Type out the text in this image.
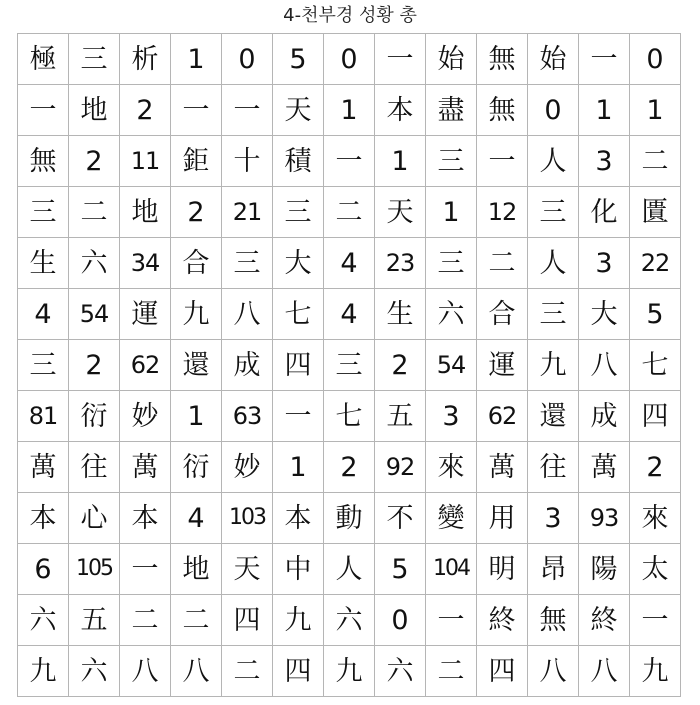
4-천부경 성황 총
極 三 析	1	0	5	0	一 始 無 始 一	0
一 地	2	一 一 天	1	本 盡 無	0	1	1
無	2	11 鉅 十 積 一	1	三 一 人	3	二
三 二 地	2	21 三 二 天	1	12 三 化 匱
生 六 34 合 三 大	4	23 三 二 人	3	22
4	54 運 九 八 七	4	生 六 合 三 大	5
三	2	62 還 成 四 三	2	54 運 九 八 七
81 衍 妙	1	63 一 七 五	3	62 還 成 四
萬 往 萬 衍 妙	1	2	92 來 萬 往 萬	2
本 心 本	4	103 本 動 不 變 用	3	93 來
6	105 一 地 天 中 人	5	104 明 昂 陽 太
六 五 二 二 四 九 六	0	一 終 無 終 一
九 六 八 八 二 四 九 六 二 四 八 八 九
